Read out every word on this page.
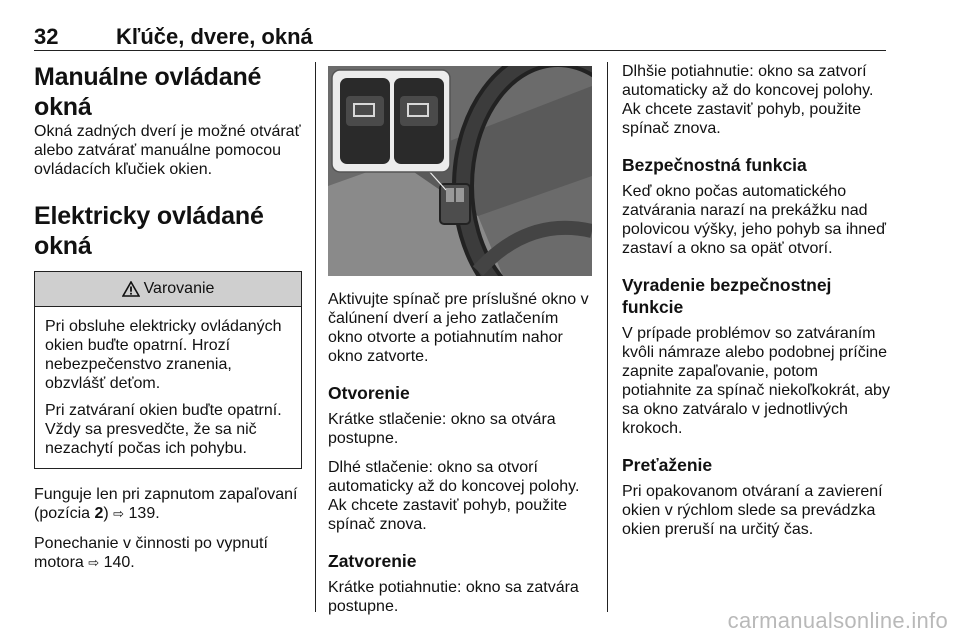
32	Kľúče, dvere, okná
Manuálne ovládané okná

Okná zadných dverí je možné otvárať alebo zatvárať manuálne pomocou ovládacích kľučiek okien.

Elektricky ovládané okná
Varovanie

Pri obsluhe elektricky ovládaných okien buďte opatrní. Hrozí nebezpečenstvo zranenia, obzvlášť deťom.

Pri zatváraní okien buďte opatrní. Vždy sa presvedčte, že sa nič nezachytí počas ich pohybu.

Funguje len pri zapnutom zapaľovaní (pozícia 2) ⇨ 139.

Ponechanie v činnosti po vypnutí motora ⇨ 140.

Aktivujte spínač pre príslušné okno v čalúnení dverí a jeho zatlačením okno otvorte a potiahnutím nahor okno zatvorte.

Otvorenie

Krátke stlačenie: okno sa otvára postupne.

Dlhé stlačenie: okno sa otvorí automaticky až do koncovej polohy. Ak chcete zastaviť pohyb, použite spínač znova.

Zatvorenie

Krátke potiahnutie: okno sa zatvára postupne.

Dlhšie potiahnutie: okno sa zatvorí automaticky až do koncovej polohy. Ak chcete zastaviť pohyb, použite spínač znova.

Bezpečnostná funkcia

Keď okno počas automatického zatvárania narazí na prekážku nad polovicou výšky, jeho pohyb sa ihneď zastaví a okno sa opäť otvorí.

Vyradenie bezpečnostnej funkcie

V prípade problémov so zatváraním kvôli námraze alebo podobnej príčine zapnite zapaľovanie, potom potiahnite za spínač niekoľkokrát, aby sa okno zatváralo v jednotlivých krokoch.

Preťaženie

Pri opakovanom otváraní a zavierení okien v rýchlom slede sa prevádzka okien preruší na určitý čas.

carmanualsonline.info
